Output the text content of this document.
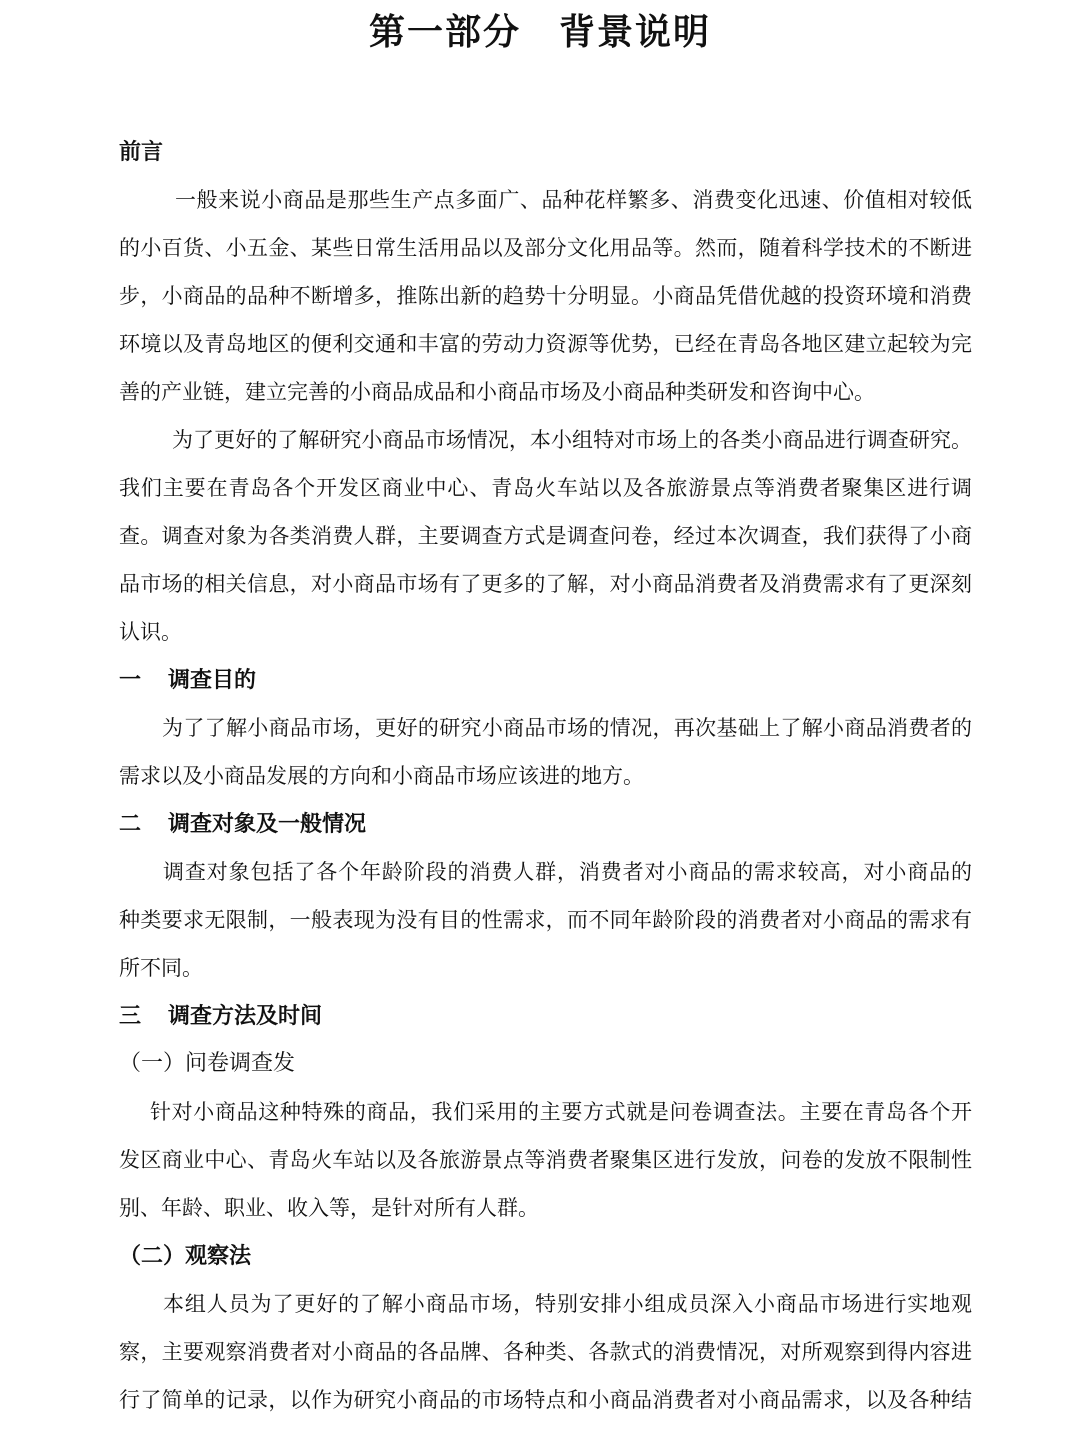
第一部分　背景说明
前言
一般来说小商品是那些生产点多面广、品种花样繁多、消费变化迅速、价值相对较低
的小百货、小五金、某些日常生活用品以及部分文化用品等。然而，随着科学技术的不断进
步，小商品的品种不断增多，推陈出新的趋势十分明显。小商品凭借优越的投资环境和消费
环境以及青岛地区的便利交通和丰富的劳动力资源等优势，已经在青岛各地区建立起较为完
善的产业链，建立完善的小商品成品和小商品市场及小商品种类研发和咨询中心。
为了更好的了解研究小商品市场情况，本小组特对市场上的各类小商品进行调查研究。
我们主要在青岛各个开发区商业中心、青岛火车站以及各旅游景点等消费者聚集区进行调
查。调查对象为各类消费人群，主要调查方式是调查问卷，经过本次调查，我们获得了小商
品市场的相关信息，对小商品市场有了更多的了解，对小商品消费者及消费需求有了更深刻
认识。
一 调查目的
为了了解小商品市场，更好的研究小商品市场的情况，再次基础上了解小商品消费者的
需求以及小商品发展的方向和小商品市场应该进的地方。
二 调查对象及一般情况
调查对象包括了各个年龄阶段的消费人群，消费者对小商品的需求较高，对小商品的
种类要求无限制，一般表现为没有目的性需求，而不同年龄阶段的消费者对小商品的需求有
所不同。
三 调查方法及时间
（一）问卷调查发
针对小商品这种特殊的商品，我们采用的主要方式就是问卷调查法。主要在青岛各个开
发区商业中心、青岛火车站以及各旅游景点等消费者聚集区进行发放，问卷的发放不限制性
别、年龄、职业、收入等，是针对所有人群。
（二）观察法
本组人员为了更好的了解小商品市场，特别安排小组成员深入小商品市场进行实地观
察，主要观察消费者对小商品的各品牌、各种类、各款式的消费情况，对所观察到得内容进
行了简单的记录，以作为研究小商品的市场特点和小商品消费者对小商品需求，以及各种结
